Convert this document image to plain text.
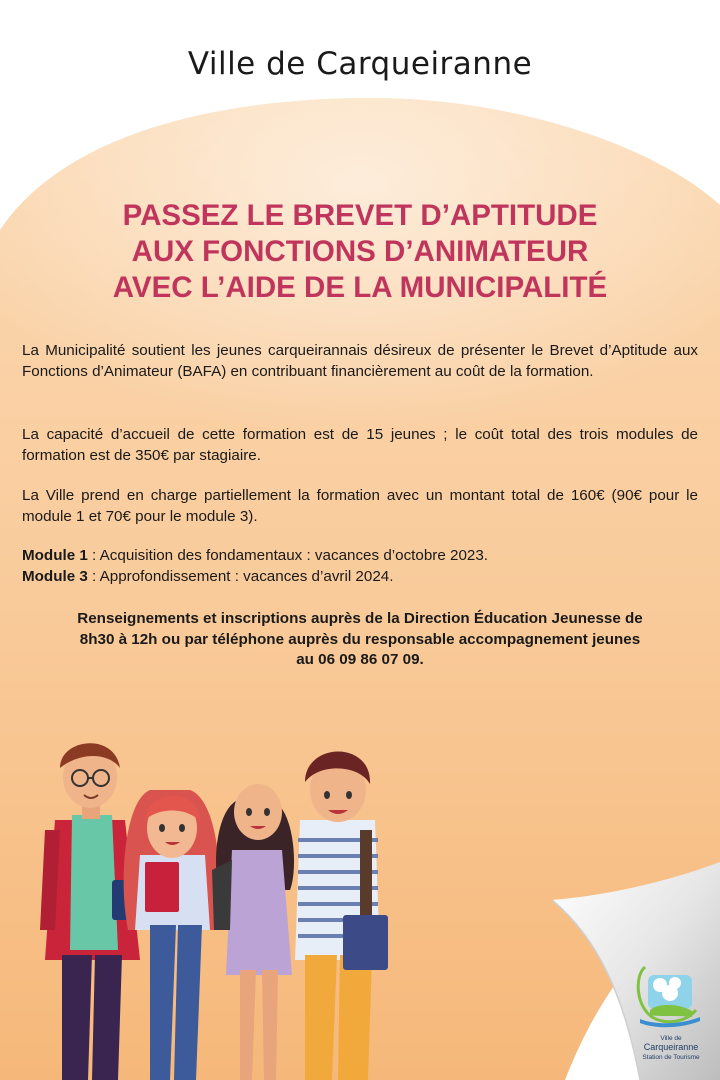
Ville de Carqueiranne
PASSEZ LE BREVET D’APTITUDE
AUX FONCTIONS D’ANIMATEUR
AVEC L’AIDE DE LA MUNICIPALITÉ
La Municipalité soutient les jeunes carqueirannais désireux de présenter le Brevet d’Aptitude aux Fonctions d’Animateur (BAFA) en contribuant financièrement au coût de la formation.
La capacité d’accueil de cette formation est de 15 jeunes ; le coût total des trois modules de formation est de 350€ par stagiaire.
La Ville prend en charge partiellement la formation avec un montant total de 160€ (90€ pour le module 1 et 70€ pour le module 3).
Module 1 : Acquisition des fondamentaux : vacances d’octobre 2023.
Module 3 : Approfondissement : vacances d’avril 2024.
Renseignements et inscriptions auprès de la Direction Éducation Jeunesse de
8h30 à 12h ou par téléphone auprès du responsable accompagnement jeunes
au 06 09 86 07 09.
Ville de
Carqueiranne
Station de Tourisme
